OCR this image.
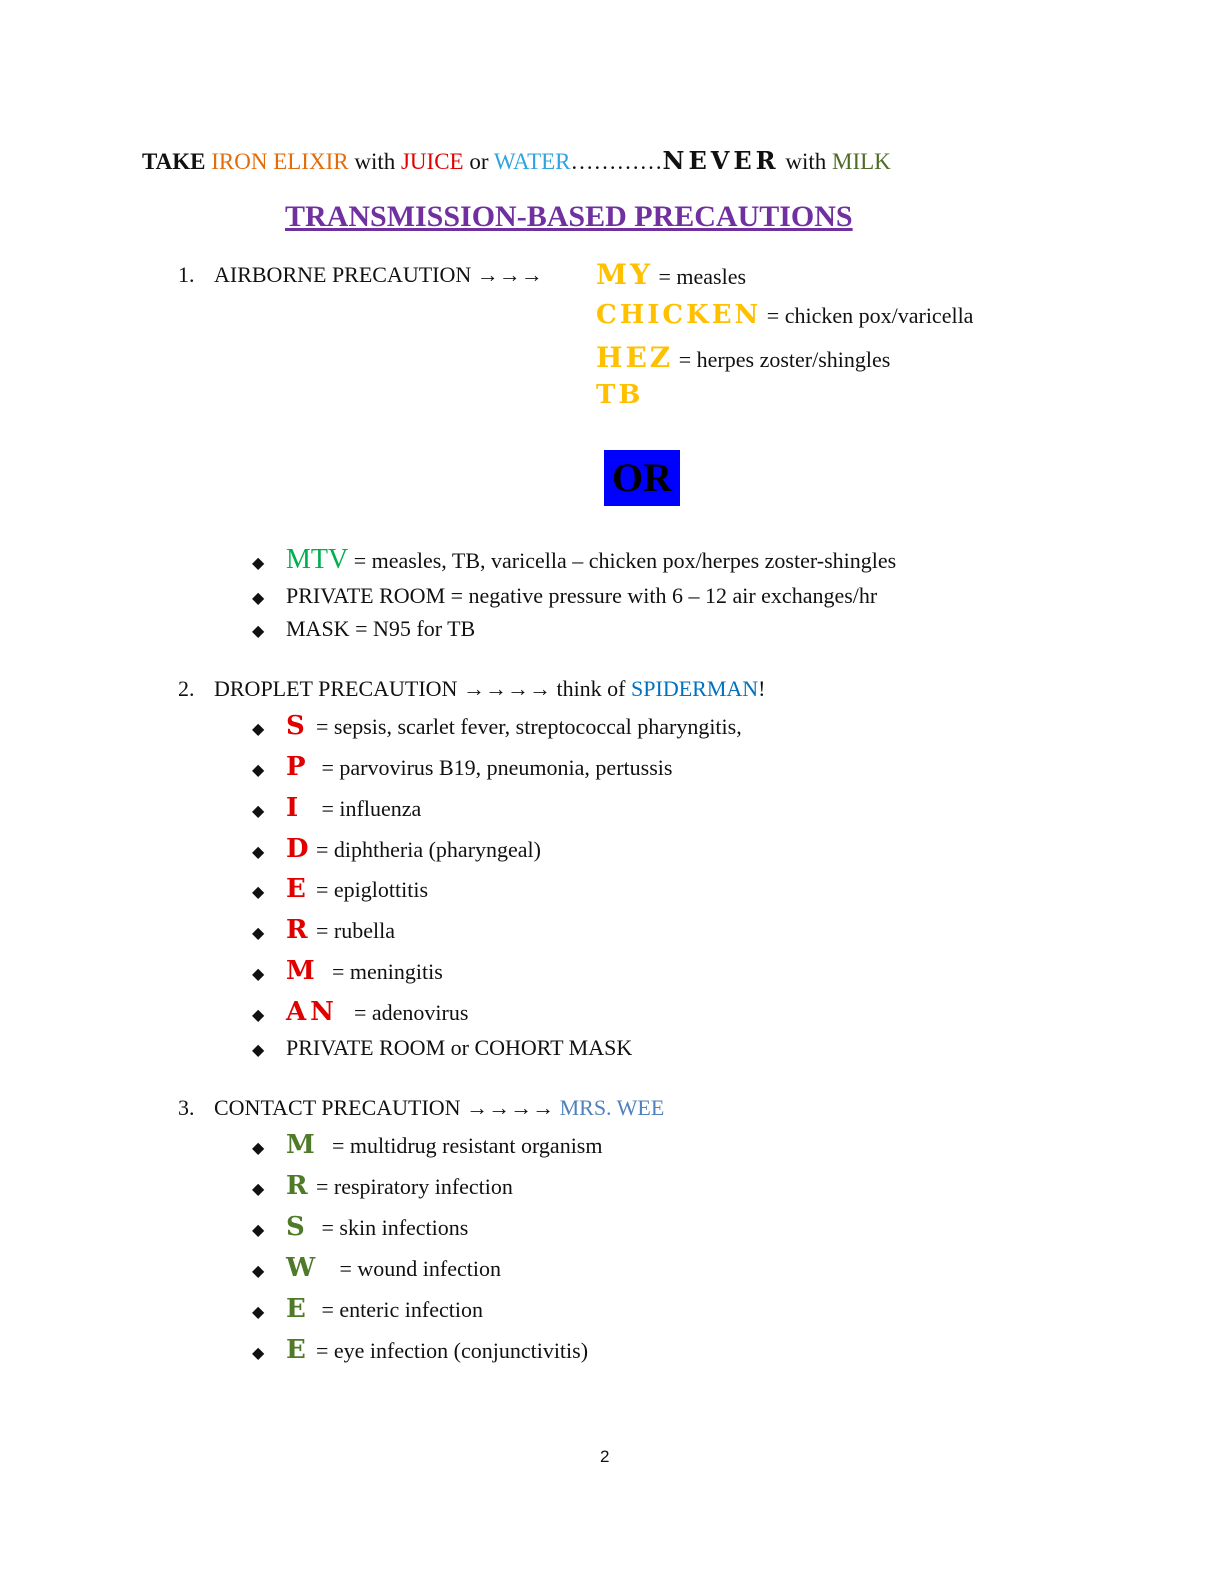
TAKE IRON ELIXIR with JUICE or WATER…………NEVER with MILK
TRANSMISSION-BASED PRECAUTIONS
1. AIRBORNE PRECAUTION →→→ MY = measles
CHICKEN = chicken pox/varicella
HEZ = herpes zoster/shingles
TB
OR
◆ MTV = measles, TB, varicella – chicken pox/herpes zoster-shingles
◆ PRIVATE ROOM = negative pressure with 6 – 12 air exchanges/hr
◆ MASK = N95 for TB
2. DROPLET PRECAUTION →→→→ think of SPIDERMAN!
◆ S = sepsis, scarlet fever, streptococcal pharyngitis,
◆ P = parvovirus B19, pneumonia, pertussis
◆ I = influenza
◆ D = diphtheria (pharyngeal)
◆ E = epiglottitis
◆ R = rubella
◆ M = meningitis
◆ AN = adenovirus
◆ PRIVATE ROOM or COHORT MASK
3. CONTACT PRECAUTION →→→→ MRS. WEE
◆ M = multidrug resistant organism
◆ R = respiratory infection
◆ S = skin infections
◆ W = wound infection
◆ E = enteric infection
◆ E = eye infection (conjunctivitis)
2
